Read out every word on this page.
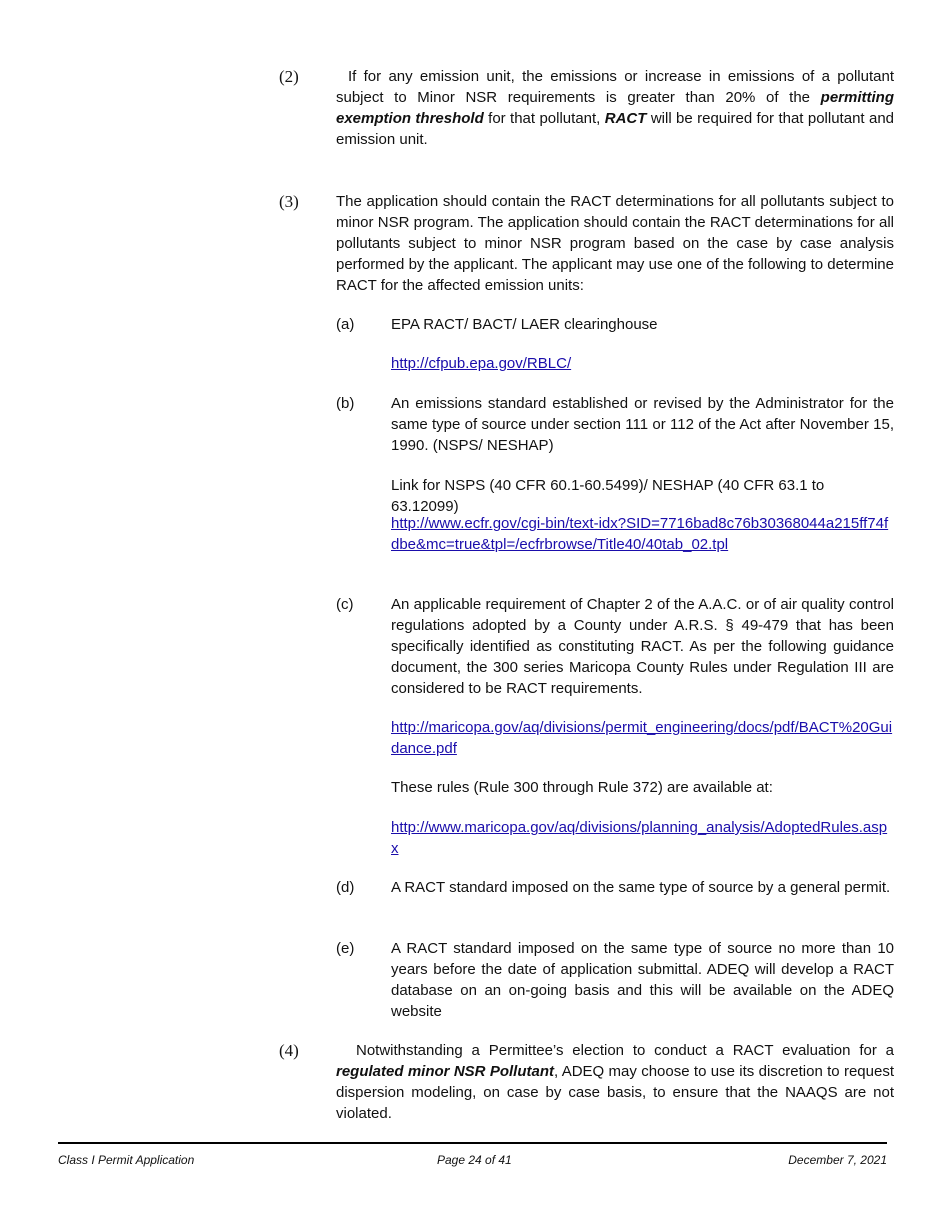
(2)	If for any emission unit, the emissions or increase in emissions of a pollutant subject to Minor NSR requirements is greater than 20% of the permitting exemption threshold for that pollutant, RACT will be required for that pollutant and emission unit.
(3) The application should contain the RACT determinations for all pollutants subject to minor NSR program. The application should contain the RACT determinations for all pollutants subject to minor NSR program based on the case by case analysis performed by the applicant. The applicant may use one of the following to determine RACT for the affected emission units:
(a) EPA RACT/ BACT/ LAER clearinghouse
http://cfpub.epa.gov/RBLC/
(b) An emissions standard established or revised by the Administrator for the same type of source under section 111 or 112 of the Act after November 15, 1990. (NSPS/ NESHAP)
Link for NSPS (40 CFR 60.1-60.5499)/ NESHAP (40 CFR 63.1 to 63.12099)
http://www.ecfr.gov/cgi-bin/text-idx?SID=7716bad8c76b30368044a215ff74fdbe&mc=true&tpl=/ecfrbrowse/Title40/40tab_02.tpl
(c)	An applicable requirement of Chapter 2 of the A.A.C. or of air quality control regulations adopted by a County under A.R.S. § 49-479 that has been specifically identified as constituting RACT. As per the following guidance document, the 300 series Maricopa County Rules under Regulation III are considered to be RACT requirements.
http://maricopa.gov/aq/divisions/permit_engineering/docs/pdf/BACT%20Guidance.pdf
These rules (Rule 300 through Rule 372) are available at:
http://www.maricopa.gov/aq/divisions/planning_analysis/AdoptedRules.aspx
(d) A RACT standard imposed on the same type of source by a general permit.
(e) A RACT standard imposed on the same type of source no more than 10 years before the date of application submittal. ADEQ will develop a RACT database on an on-going basis and this will be available on the ADEQ website
(4)	Notwithstanding a Permittee’s election to conduct a RACT evaluation for a regulated minor NSR Pollutant, ADEQ may choose to use its discretion to request dispersion modeling, on case by case basis, to ensure that the NAAQS are not violated.
Class I Permit Application	Page 24 of 41	December 7, 2021
